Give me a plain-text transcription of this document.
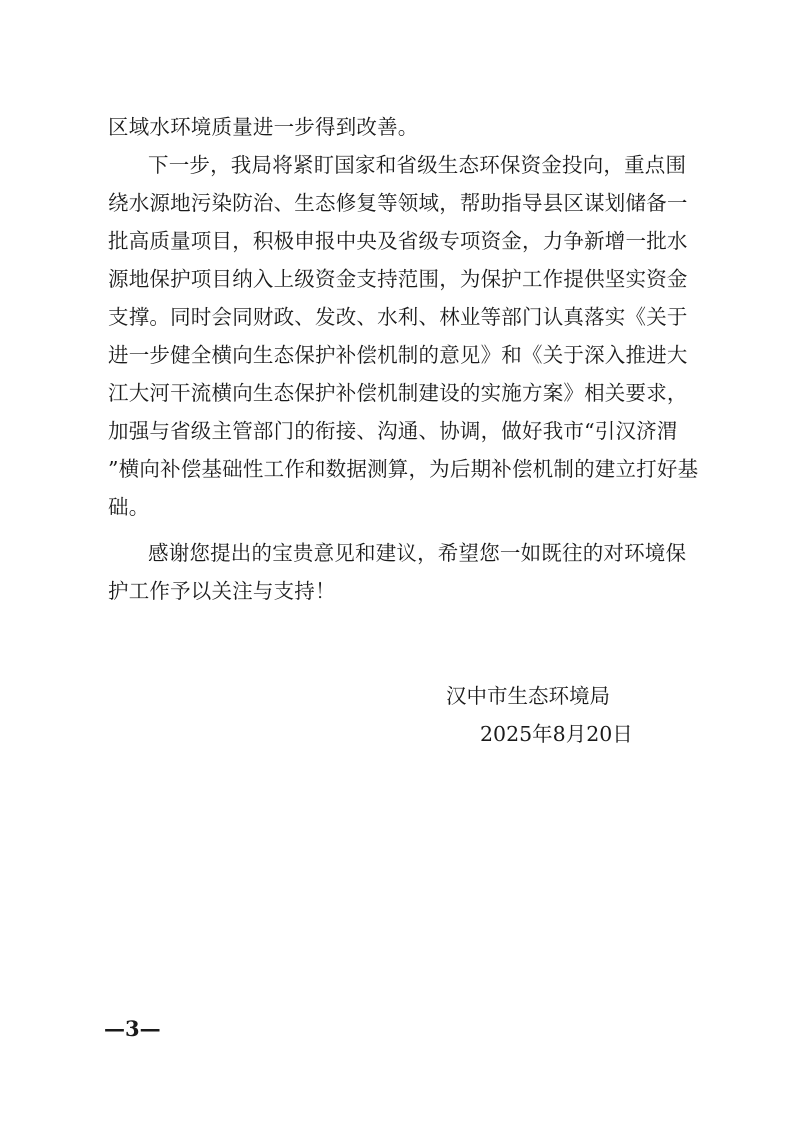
区域水环境质量进一步得到改善。
下一步，我局将紧盯国家和省级生态环保资金投向，重点围
绕水源地污染防治、生态修复等领域，帮助指导县区谋划储备一
批高质量项目，积极申报中央及省级专项资金，力争新增一批水
源地保护项目纳入上级资金支持范围，为保护工作提供坚实资金
支撑。同时会同财政、发改、水利、林业等部门认真落实《关于
进一步健全横向生态保护补偿机制的意见》和《关于深入推进大
江大河干流横向生态保护补偿机制建设的实施方案》相关要求，
加强与省级主管部门的衔接、沟通、协调，做好我市“引汉济渭
”横向补偿基础性工作和数据测算，为后期补偿机制的建立打好基
础。
感谢您提出的宝贵意见和建议，希望您一如既往的对环境保
护工作予以关注与支持！
汉中市生态环境局
2025年8月20日
—3—
